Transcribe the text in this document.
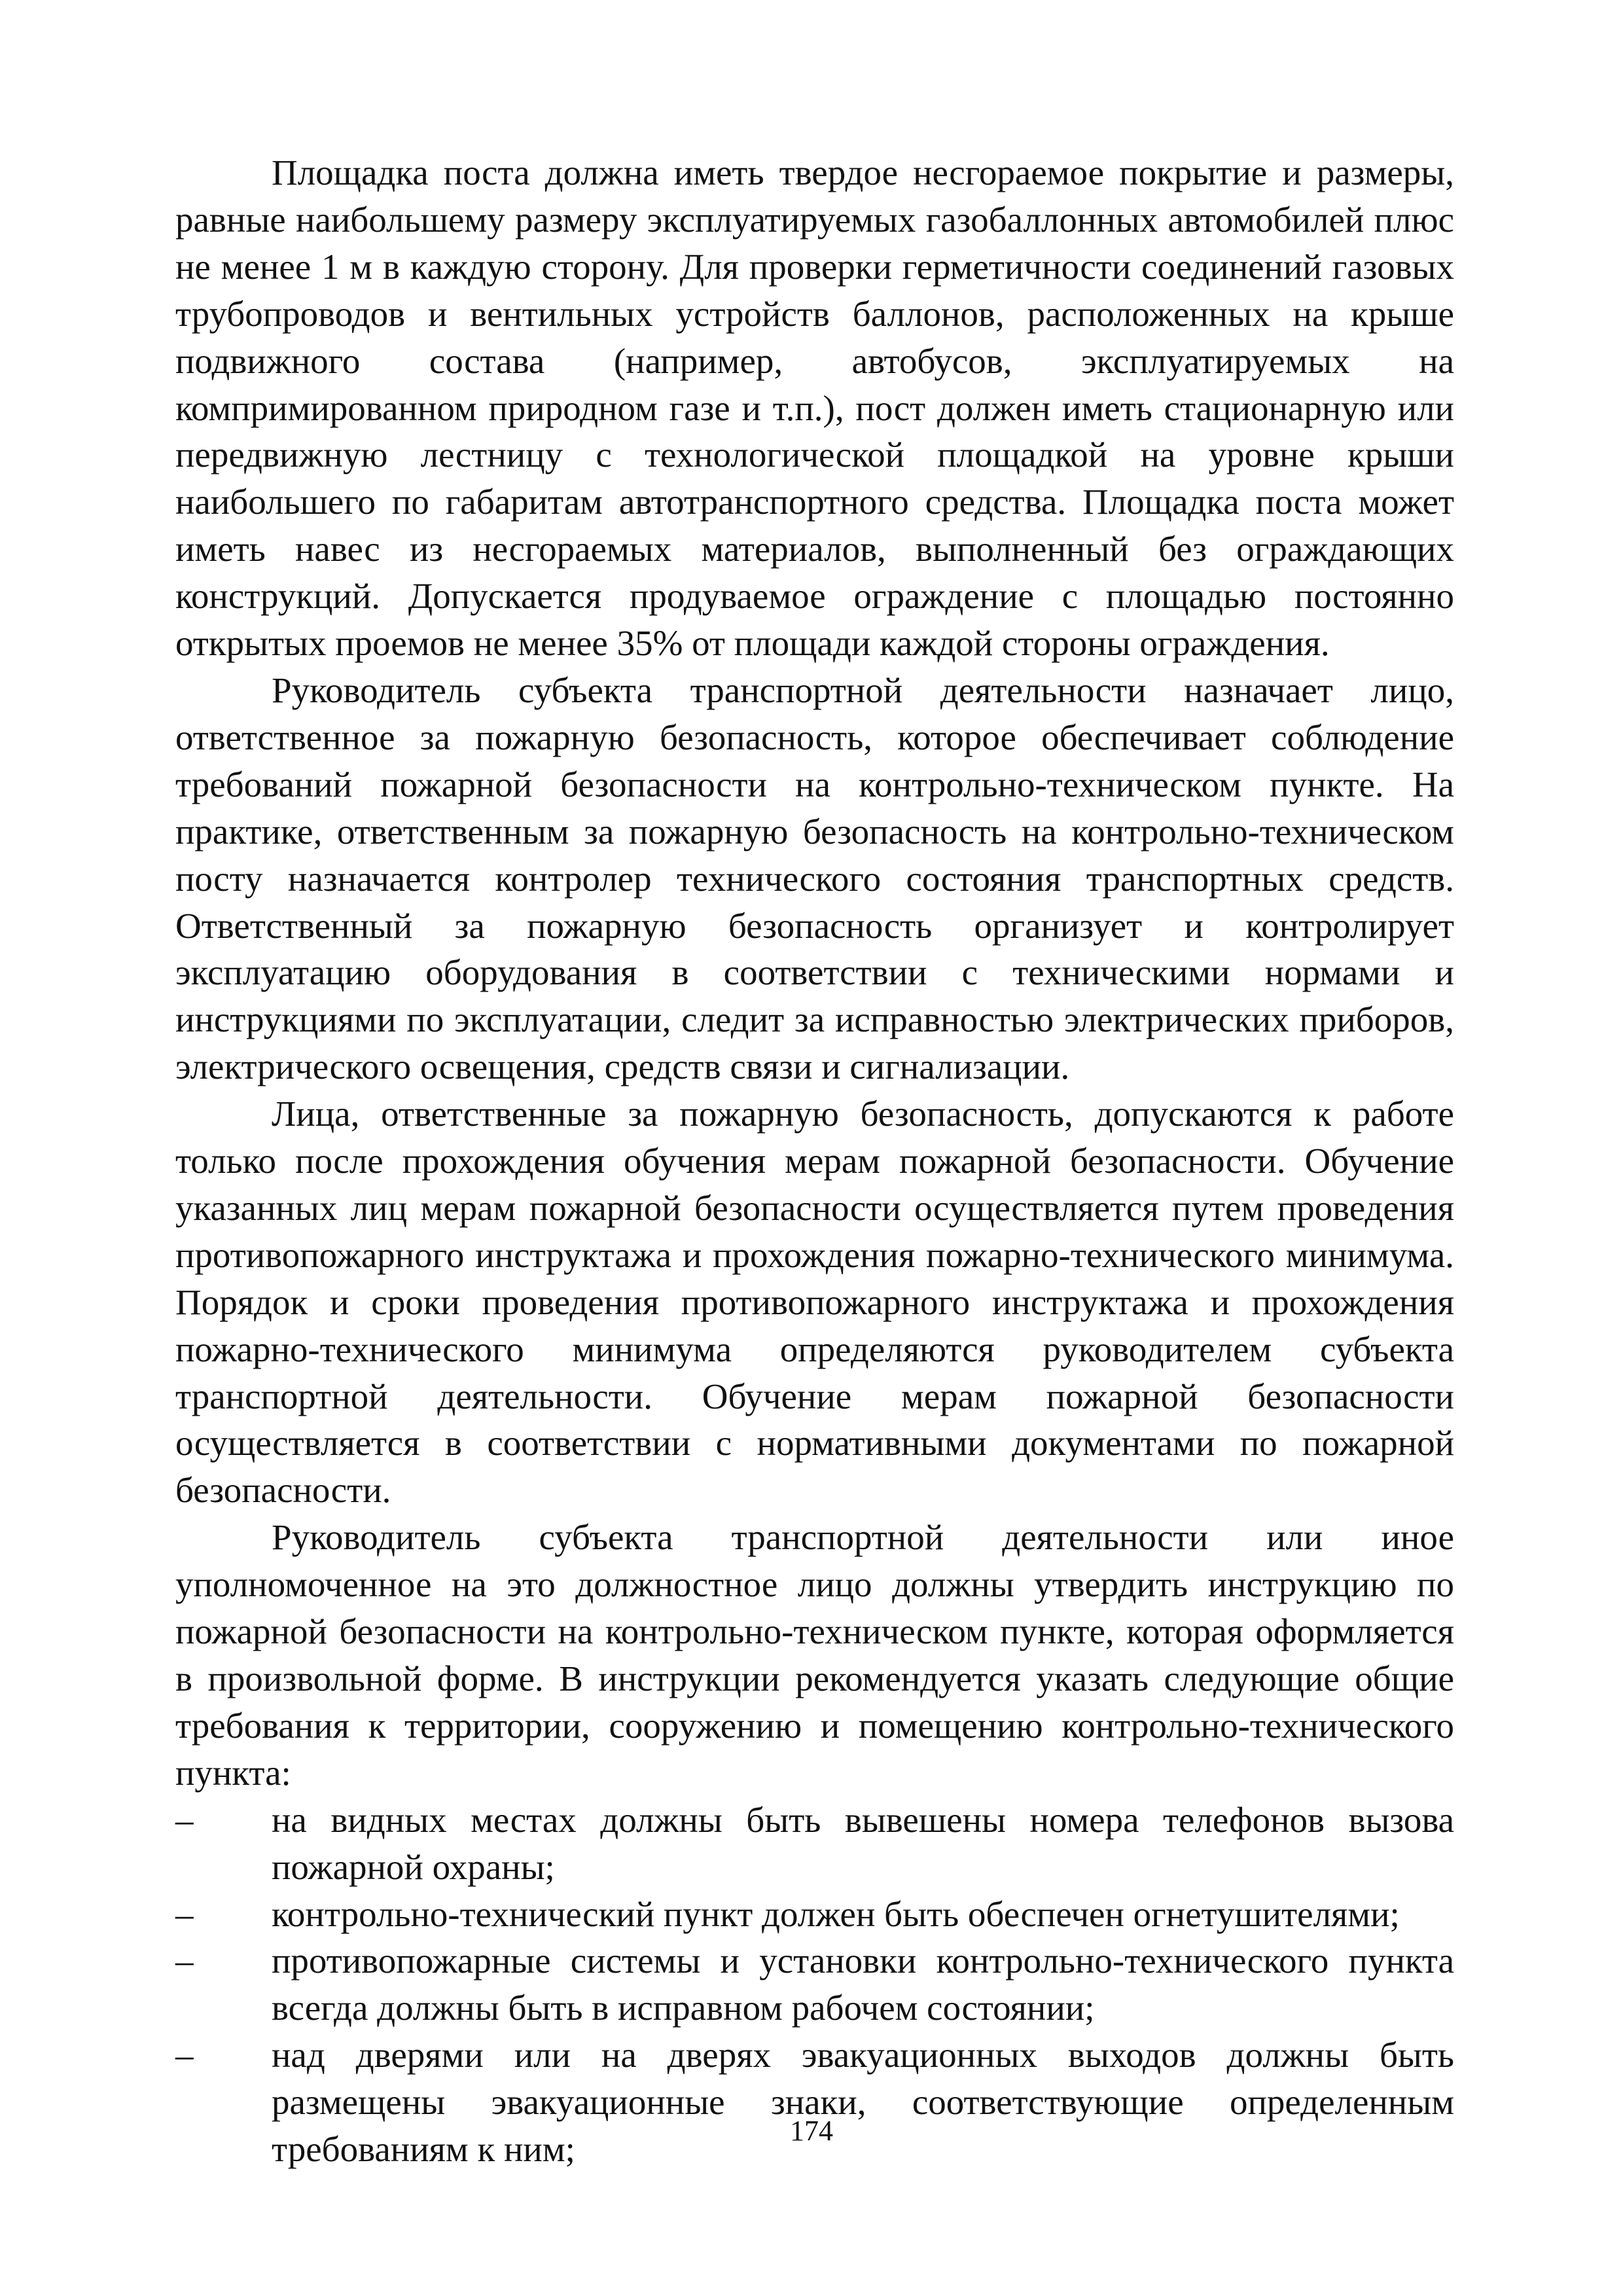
Площадка поста должна иметь твердое несгораемое покрытие и размеры, равные наибольшему размеру эксплуатируемых газобаллонных автомобилей плюс не менее 1 м в каждую сторону. Для проверки герметичности соединений газовых трубопроводов и вентильных устройств баллонов, расположенных на крыше подвижного состава (например, автобусов, эксплуатируемых на компримированном природном газе и т.п.), пост должен иметь стационарную или передвижную лестницу с технологической площадкой на уровне крыши наибольшего по габаритам автотранспортного средства. Площадка поста может иметь навес из несгораемых материалов, выполненный без ограждающих конструкций. Допускается продуваемое ограждение с площадью постоянно открытых проемов не менее 35% от площади каждой стороны ограждения.

Руководитель субъекта транспортной деятельности назначает лицо, ответственное за пожарную безопасность, которое обеспечивает соблюдение требований пожарной безопасности на контрольно-техническом пункте. На практике, ответственным за пожарную безопасность на контрольно-техническом посту назначается контролер технического состояния транспортных средств. Ответственный за пожарную безопасность организует и контролирует эксплуатацию оборудования в соответствии с техническими нормами и инструкциями по эксплуатации, следит за исправностью электрических приборов, электрического освещения, средств связи и сигнализации.

Лица, ответственные за пожарную безопасность, допускаются к работе только после прохождения обучения мерам пожарной безопасности. Обучение указанных лиц мерам пожарной безопасности осуществляется путем проведения противопожарного инструктажа и прохождения пожарно-технического минимума. Порядок и сроки проведения противопожарного инструктажа и прохождения пожарно-технического минимума определяются руководителем субъекта транспортной деятельности. Обучение мерам пожарной безопасности осуществляется в соответствии с нормативными документами по пожарной безопасности.

Руководитель субъекта транспортной деятельности или иное уполномоченное на это должностное лицо должны утвердить инструкцию по пожарной безопасности на контрольно-техническом пункте, которая оформляется в произвольной форме. В инструкции рекомендуется указать следующие общие требования к территории, сооружению и помещению контрольно-технического пункта:

– на видных местах должны быть вывешены номера телефонов вызова пожарной охраны;
– контрольно-технический пункт должен быть обеспечен огнетушителями;
– противопожарные системы и установки контрольно-технического пункта всегда должны быть в исправном рабочем состоянии;
– над дверями или на дверях эвакуационных выходов должны быть размещены эвакуационные знаки, соответствующие определенным требованиям к ним;	174
